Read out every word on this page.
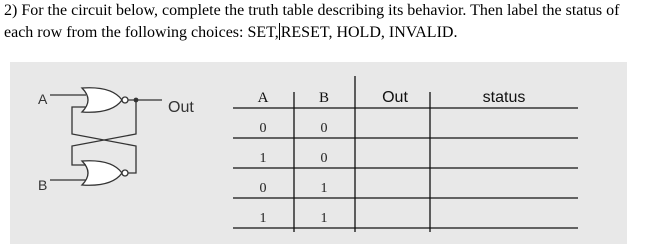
2) For the circuit below, complete the truth table describing its behavior. Then label the status of
each row from the following choices: SET, RESET, HOLD, INVALID.
A
B
Out
A	B	Out	status
0	0
1	0
0	1
1	1
